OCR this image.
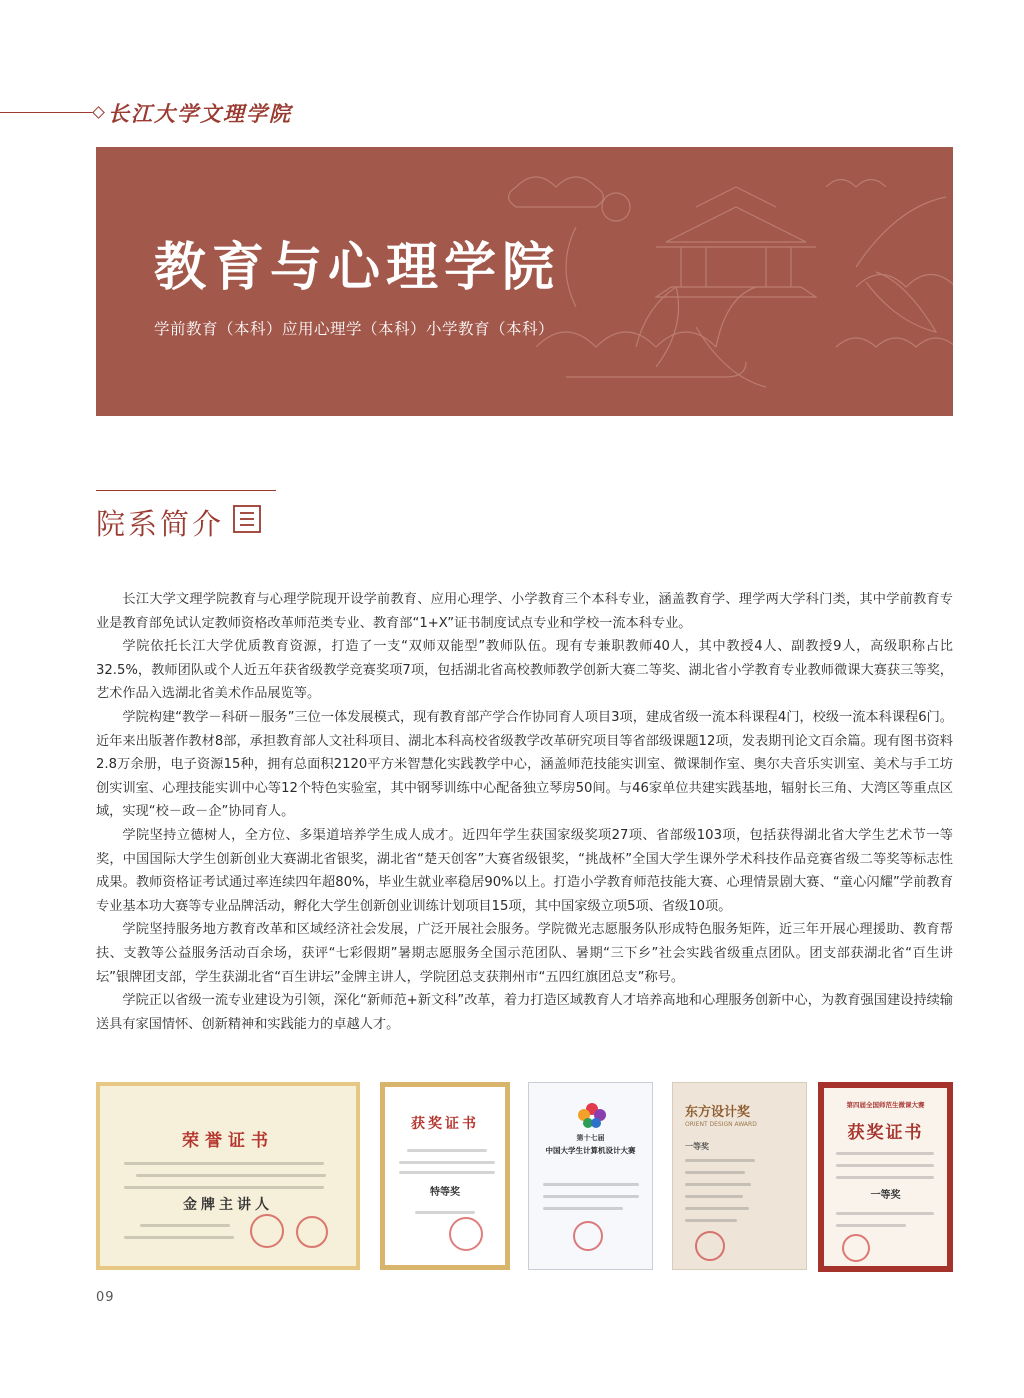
长江大学文理学院
教育与心理学院
学前教育（本科）应用心理学（本科）小学教育（本科）
院系简介

长江大学文理学院教育与心理学院现开设学前教育、应用心理学、小学教育三个本科专业，涵盖教育学、理学两大学科门类，其中学前教育专业是教育部免试认定教师资格改革师范类专业、教育部“1+X”证书制度试点专业和学校一流本科专业。

学院依托长江大学优质教育资源，打造了一支“双师双能型”教师队伍。现有专兼职教师40人，其中教授4人、副教授9人，高级职称占比32.5%，教师团队或个人近五年获省级教学竞赛奖项7项，包括湖北省高校教师教学创新大赛二等奖、湖北省小学教育专业教师微课大赛获三等奖，艺术作品入选湖北省美术作品展览等。

学院构建“教学－科研－服务”三位一体发展模式，现有教育部产学合作协同育人项目3项，建成省级一流本科课程4门，校级一流本科课程6门。近年来出版著作教材8部，承担教育部人文社科项目、湖北本科高校省级教学改革研究项目等省部级课题12项，发表期刊论文百余篇。现有图书资料2.8万余册，电子资源15种，拥有总面积2120平方米智慧化实践教学中心，涵盖师范技能实训室、微课制作室、奥尔夫音乐实训室、美术与手工坊创实训室、心理技能实训中心等12个特色实验室，其中钢琴训练中心配备独立琴房50间。与46家单位共建实践基地，辐射长三角、大湾区等重点区域，实现“校－政－企”协同育人。

学院坚持立德树人，全方位、多渠道培养学生成人成才。近四年学生获国家级奖项27项、省部级103项，包括获得湖北省大学生艺术节一等奖，中国国际大学生创新创业大赛湖北省银奖，湖北省“楚天创客”大赛省级银奖，“挑战杯”全国大学生课外学术科技作品竞赛省级二等奖等标志性成果。教师资格证考试通过率连续四年超80%，毕业生就业率稳居90%以上。打造小学教育师范技能大赛、心理情景剧大赛、“童心闪耀”学前教育专业基本功大赛等专业品牌活动，孵化大学生创新创业训练计划项目15项，其中国家级立项5项、省级10项。

学院坚持服务地方教育改革和区域经济社会发展，广泛开展社会服务。学院微光志愿服务队形成特色服务矩阵，近三年开展心理援助、教育帮扶、支教等公益服务活动百余场，获评“七彩假期”暑期志愿服务全国示范团队、暑期“三下乡”社会实践省级重点团队。团支部获湖北省“百生讲坛”银牌团支部，学生获湖北省“百生讲坛”金牌主讲人，学院团总支获荆州市“五四红旗团总支”称号。

学院正以省级一流专业建设为引领，深化“新师范+新文科”改革，着力打造区域教育人才培养高地和心理服务创新中心，为教育强国建设持续输送具有家国情怀、创新精神和实践能力的卓越人才。

荣誉证书
金牌主讲人
获奖证书
特等奖
第十七届
中国大学生计算机设计大赛
东方设计奖
ORIENT DESIGN AWARD
一等奖
第四届全国师范生微课大赛
获奖证书
一等奖
09
